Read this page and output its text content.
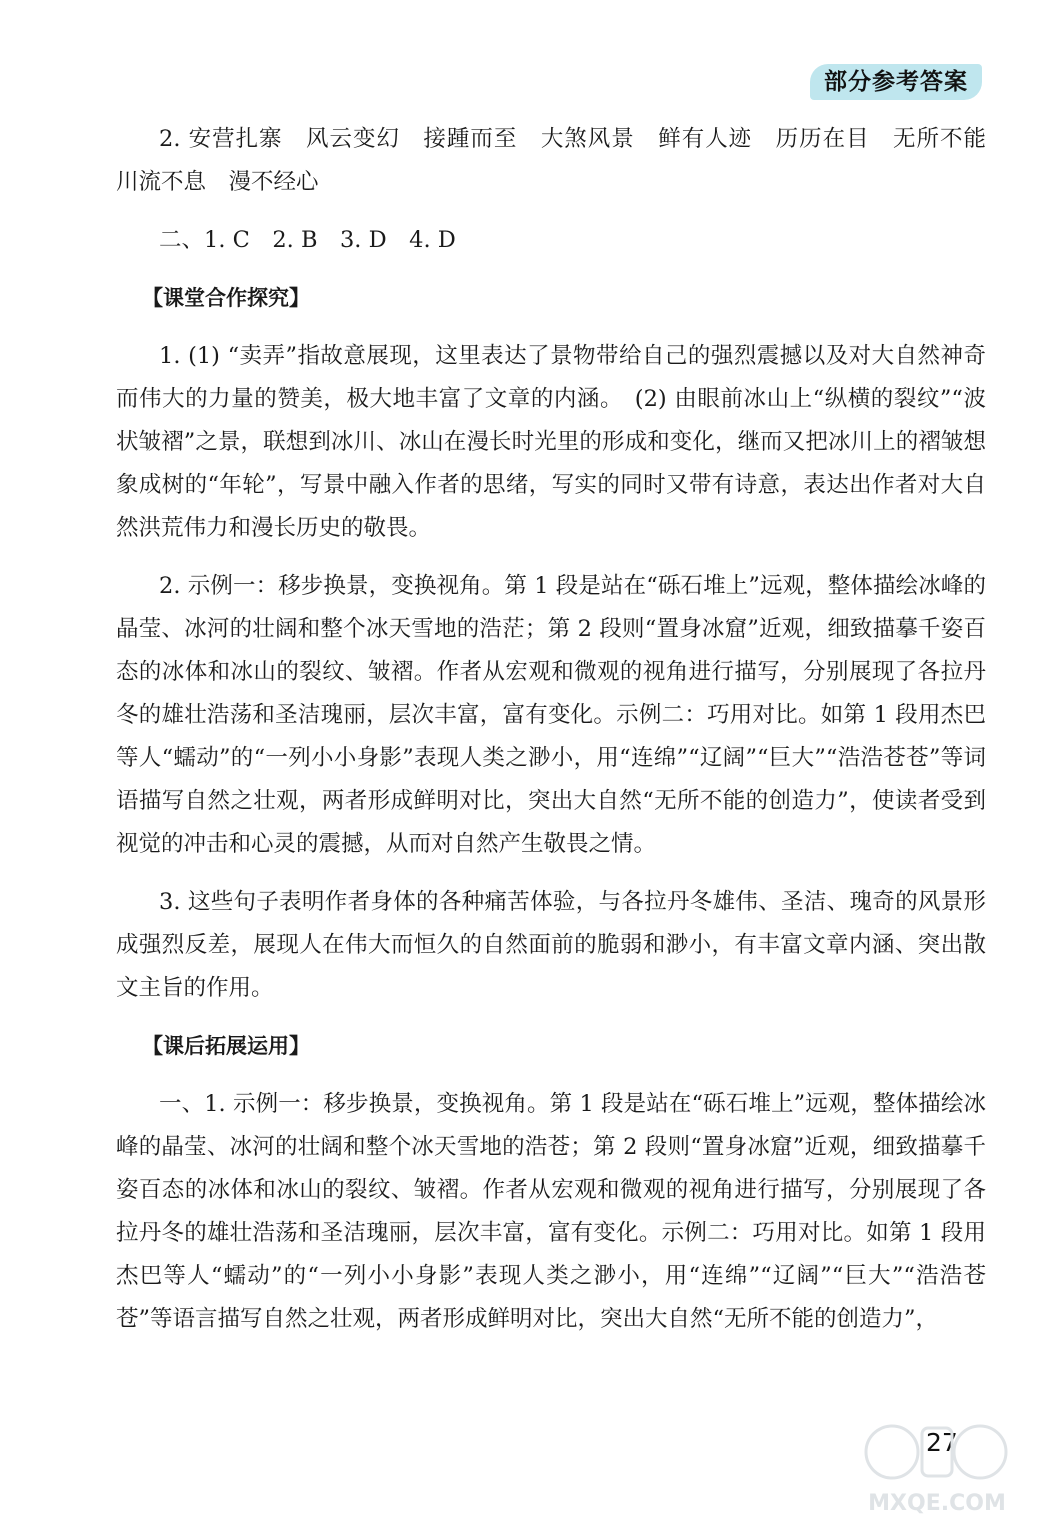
部分参考答案

2. 安营扎寨　风云变幻　接踵而至　大煞风景　鲜有人迹　历历在目　无所不能　川流不息　漫不经心

二、1. C　2. B　3. D　4. D

【课堂合作探究】

1. (1) “卖弄”指故意展现，这里表达了景物带给自己的强烈震撼以及对大自然神奇而伟大的力量的赞美，极大地丰富了文章的内涵。　(2) 由眼前冰山上“纵横的裂纹”“波状皱褶”之景，联想到冰川、冰山在漫长时光里的形成和变化，继而又把冰川上的褶皱想象成树的“年轮”，写景中融入作者的思绪，写实的同时又带有诗意，表达出作者对大自然洪荒伟力和漫长历史的敬畏。

2. 示例一：移步换景，变换视角。第 1 段是站在“砾石堆上”远观，整体描绘冰峰的晶莹、冰河的壮阔和整个冰天雪地的浩茫；第 2 段则“置身冰窟”近观，细致描摹千姿百态的冰体和冰山的裂纹、皱褶。作者从宏观和微观的视角进行描写，分别展现了各拉丹冬的雄壮浩荡和圣洁瑰丽，层次丰富，富有变化。示例二：巧用对比。如第 1 段用杰巴等人“蠕动”的“一列小小身影”表现人类之渺小，用“连绵”“辽阔”“巨大”“浩浩苍苍”等词语描写自然之壮观，两者形成鲜明对比，突出大自然“无所不能的创造力”，使读者受到视觉的冲击和心灵的震撼，从而对自然产生敬畏之情。

3. 这些句子表明作者身体的各种痛苦体验，与各拉丹冬雄伟、圣洁、瑰奇的风景形成强烈反差，展现人在伟大而恒久的自然面前的脆弱和渺小，有丰富文章内涵、突出散文主旨的作用。

【课后拓展运用】

一、1. 示例一：移步换景，变换视角。第 1 段是站在“砾石堆上”远观，整体描绘冰峰的晶莹、冰河的壮阔和整个冰天雪地的浩苍；第 2 段则“置身冰窟”近观，细致描摹千姿百态的冰体和冰山的裂纹、皱褶。作者从宏观和微观的视角进行描写，分别展现了各拉丹冬的雄壮浩荡和圣洁瑰丽，层次丰富，富有变化。示例二：巧用对比。如第 1 段用杰巴等人“蠕动”的“一列小小身影”表现人类之渺小，用“连绵”“辽阔”“巨大”“浩浩苍苍”等语言描写自然之壮观，两者形成鲜明对比，突出大自然“无所不能的创造力”，

27
MXQE.COM
